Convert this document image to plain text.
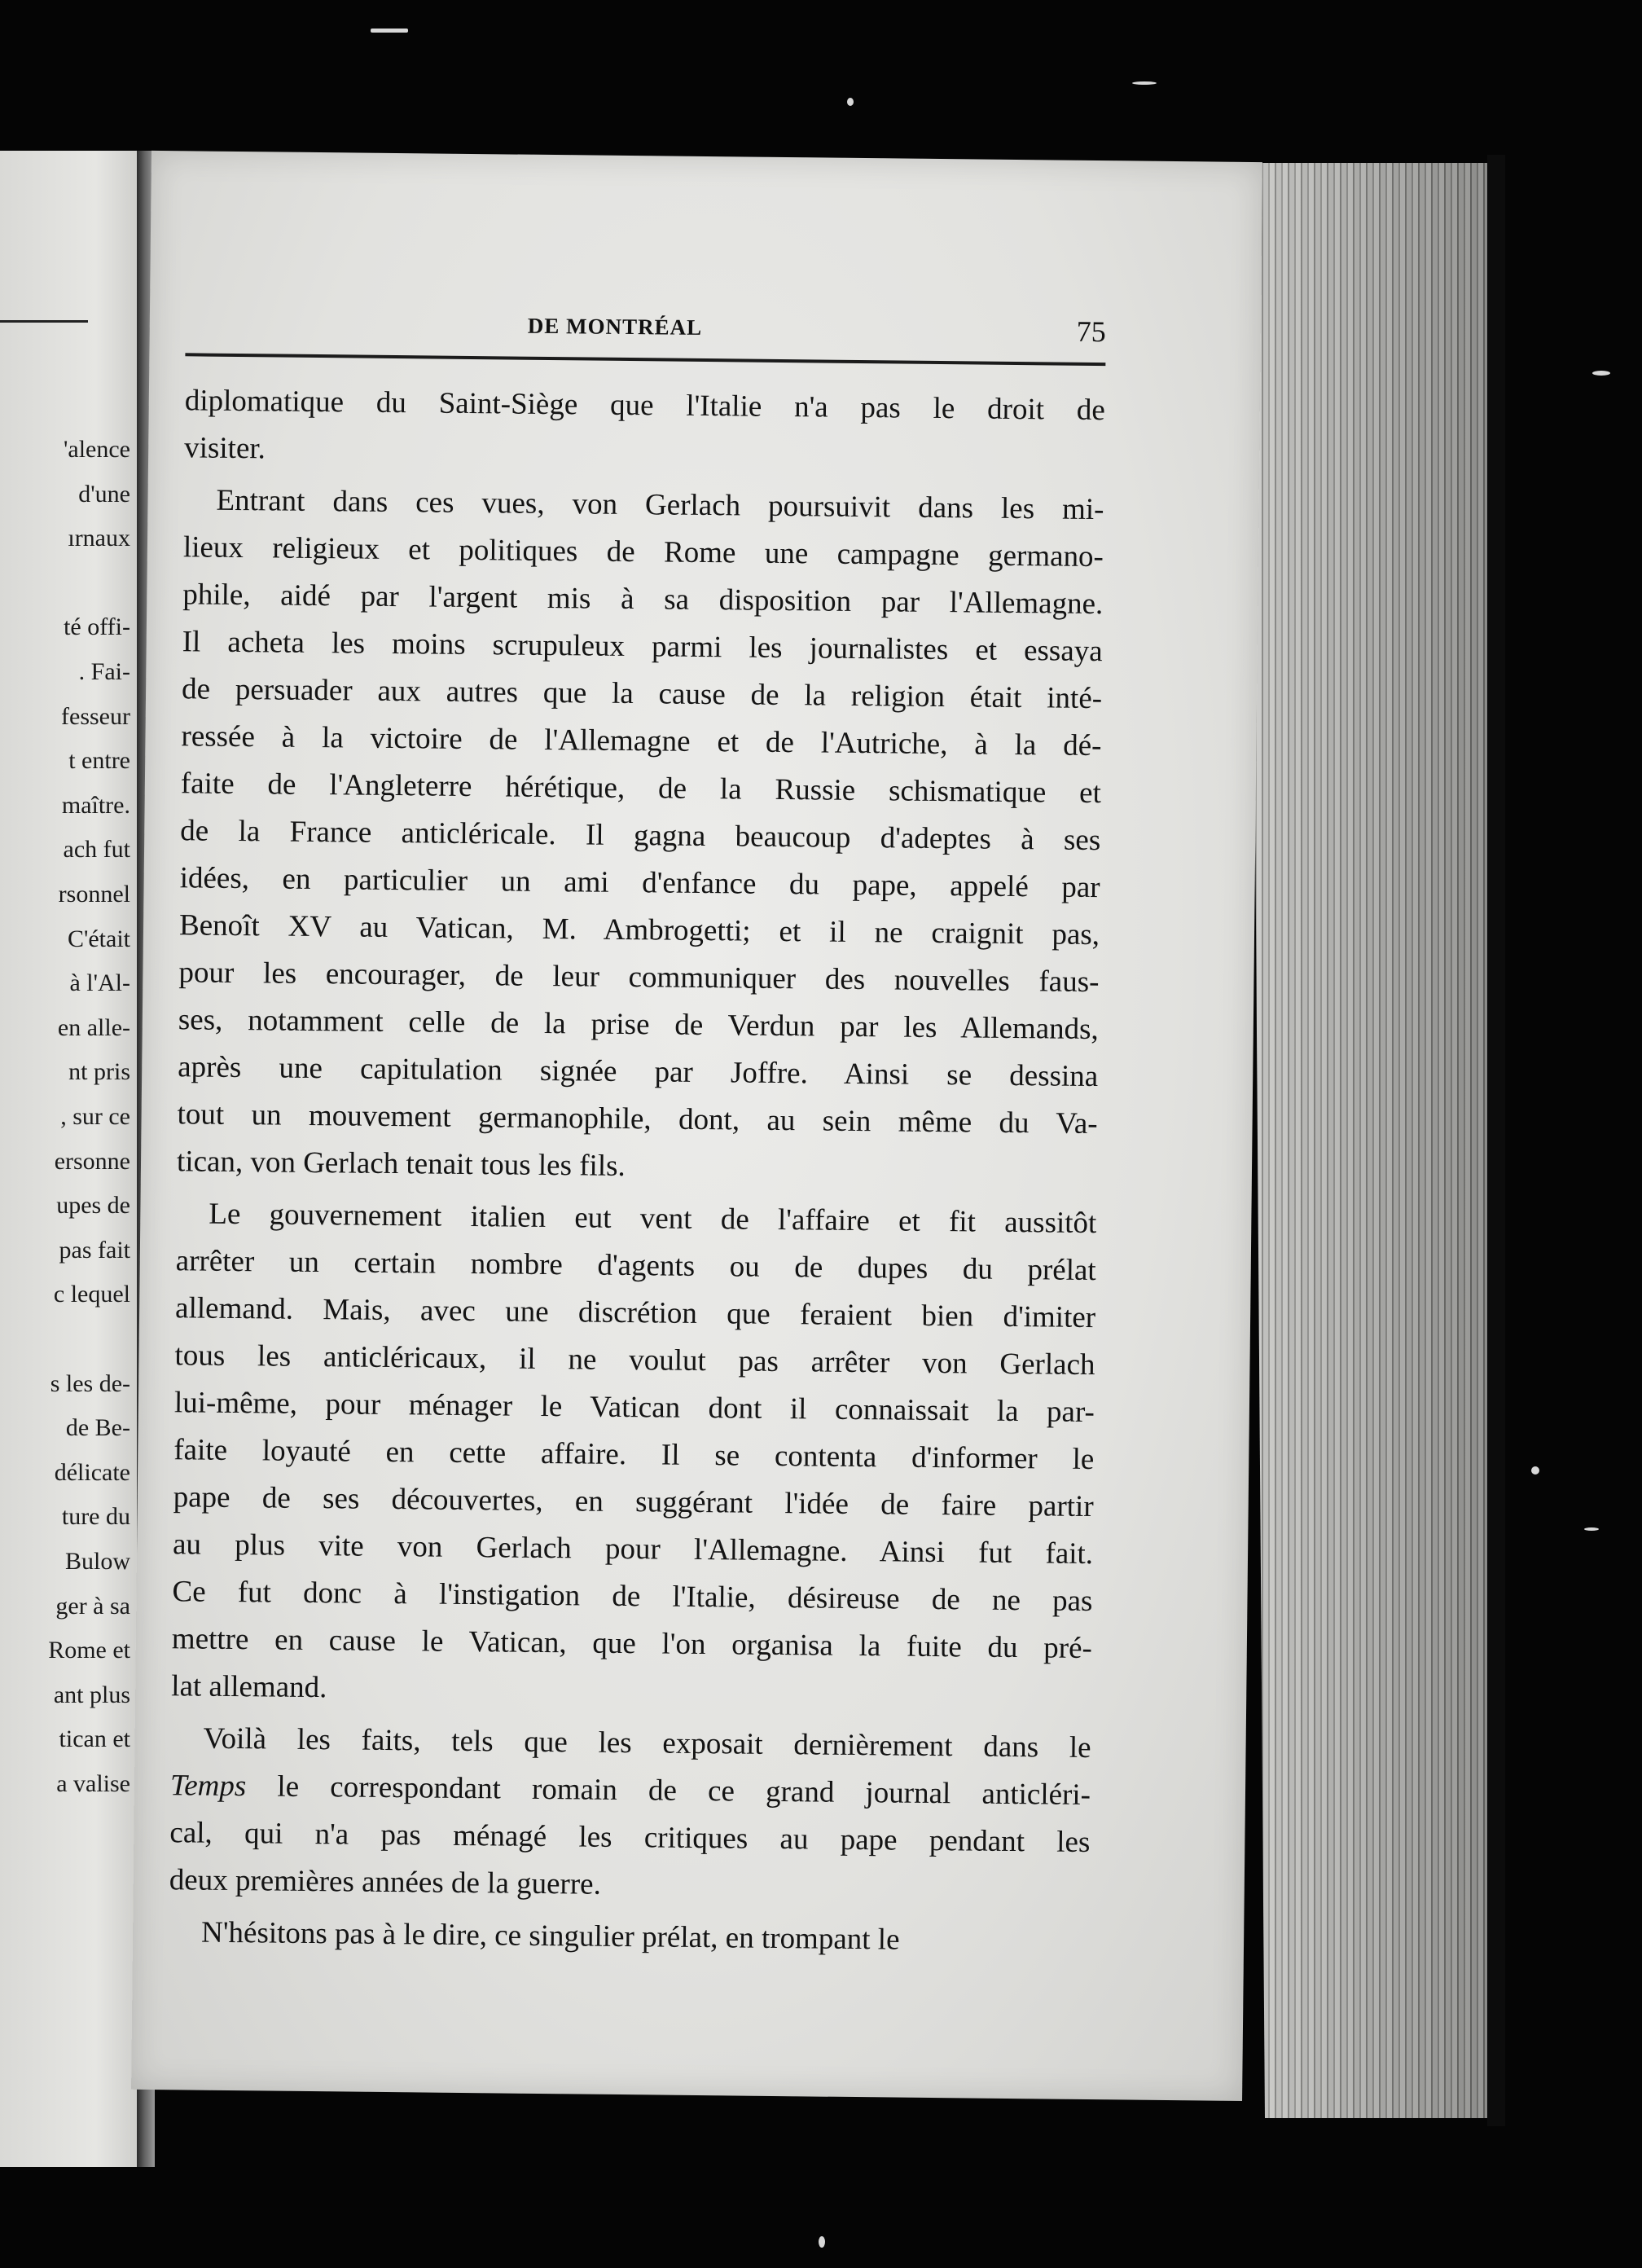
'alence
d'une
ırnaux
té offi-
. Fai-
fesseur
t entre
maître.
ach fut
rsonnel
C'était
à l'Al-
en alle-
nt pris
, sur ce
ersonne
upes de
pas fait
c lequel
s les de-
de Be-
délicate
ture du
Bulow
ger à sa
Rome et
ant plus
tican et
a valise
DE MONTRÉAL	75
diplomatique du Saint-Siège que l'Italie n'a pas le droit de
visiter.
Entrant dans ces vues, von Gerlach poursuivit dans les mi-
lieux religieux et politiques de Rome une campagne germano-
phile, aidé par l'argent mis à sa disposition par l'Allemagne.
Il acheta les moins scrupuleux parmi les journalistes et essaya
de persuader aux autres que la cause de la religion était inté-
ressée à la victoire de l'Allemagne et de l'Autriche, à la dé-
faite de l'Angleterre hérétique, de la Russie schismatique et
de la France anticléricale. Il gagna beaucoup d'adeptes à ses
idées, en particulier un ami d'enfance du pape, appelé par
Benoît XV au Vatican, M. Ambrogetti; et il ne craignit pas,
pour les encourager, de leur communiquer des nouvelles faus-
ses, notamment celle de la prise de Verdun par les Allemands,
après une capitulation signée par Joffre. Ainsi se dessina
tout un mouvement germanophile, dont, au sein même du Va-
tican, von Gerlach tenait tous les fils.
Le gouvernement italien eut vent de l'affaire et fit aussitôt
arrêter un certain nombre d'agents ou de dupes du prélat
allemand. Mais, avec une discrétion que feraient bien d'imiter
tous les anticléricaux, il ne voulut pas arrêter von Gerlach
lui-même, pour ménager le Vatican dont il connaissait la par-
faite loyauté en cette affaire. Il se contenta d'informer le
pape de ses découvertes, en suggérant l'idée de faire partir
au plus vite von Gerlach pour l'Allemagne. Ainsi fut fait.
Ce fut donc à l'instigation de l'Italie, désireuse de ne pas
mettre en cause le Vatican, que l'on organisa la fuite du pré-
lat allemand.
Voilà les faits, tels que les exposait dernièrement dans le
Temps le correspondant romain de ce grand journal anticléri-
cal, qui n'a pas ménagé les critiques au pape pendant les
deux premières années de la guerre.
N'hésitons pas à le dire, ce singulier prélat, en trompant le
